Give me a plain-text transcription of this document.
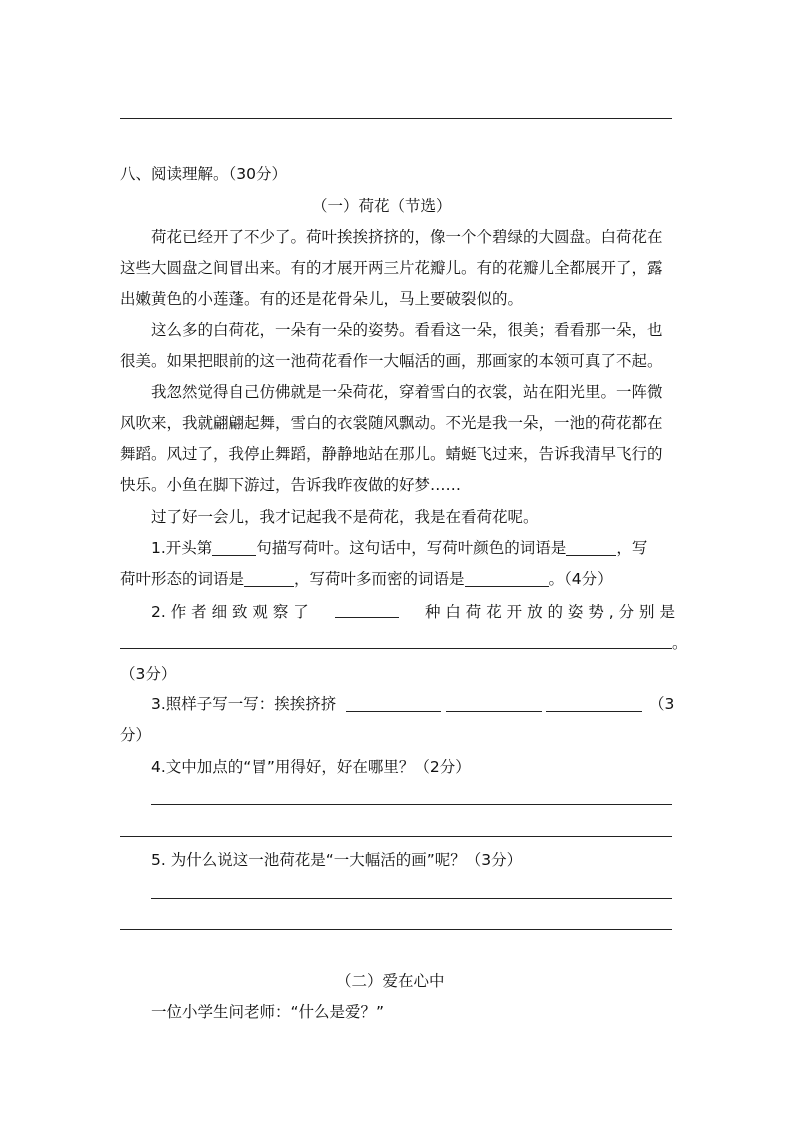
八、阅读理解。（30分）
（一）荷花（节选）
荷花已经开了不少了。荷叶挨挨挤挤的，像一个个碧绿的大圆盘。白荷花在
这些大圆盘之间冒出来。有的才展开两三片花瓣儿。有的花瓣儿全都展开了，露
出嫩黄色的小莲蓬。有的还是花骨朵儿，马上要破裂似的。
这么多的白荷花，一朵有一朵的姿势。看看这一朵，很美；看看那一朵，也
很美。如果把眼前的这一池荷花看作一大幅活的画，那画家的本领可真了不起。
我忽然觉得自己仿佛就是一朵荷花，穿着雪白的衣裳，站在阳光里。一阵微
风吹来，我就翩翩起舞，雪白的衣裳随风飘动。不光是我一朵，一池的荷花都在
舞蹈。风过了，我停止舞蹈，静静地站在那儿。蜻蜓飞过来，告诉我清早飞行的
快乐。小鱼在脚下游过，告诉我昨夜做的好梦……
过了好一会儿，我才记起我不是荷花，我是在看荷花呢。
1.开头第	句描写荷叶。这句话中，写荷叶颜色的词语是	，写
荷叶形态的词语是	，写荷叶多而密的词语是	。（4分）
2. 作 者 细 致 观 察 了	种 白 荷 花 开 放 的 姿 势 , 分 别 是
。
（3分）
3.照样子写一写：挨挨挤挤	（3
分）
4.文中加点的“冒”用得好，好在哪里？（2分）
5. 为什么说这一池荷花是“一大幅活的画”呢？（3分）
（二）爱在心中
一位小学生问老师：“什么是爱？”
